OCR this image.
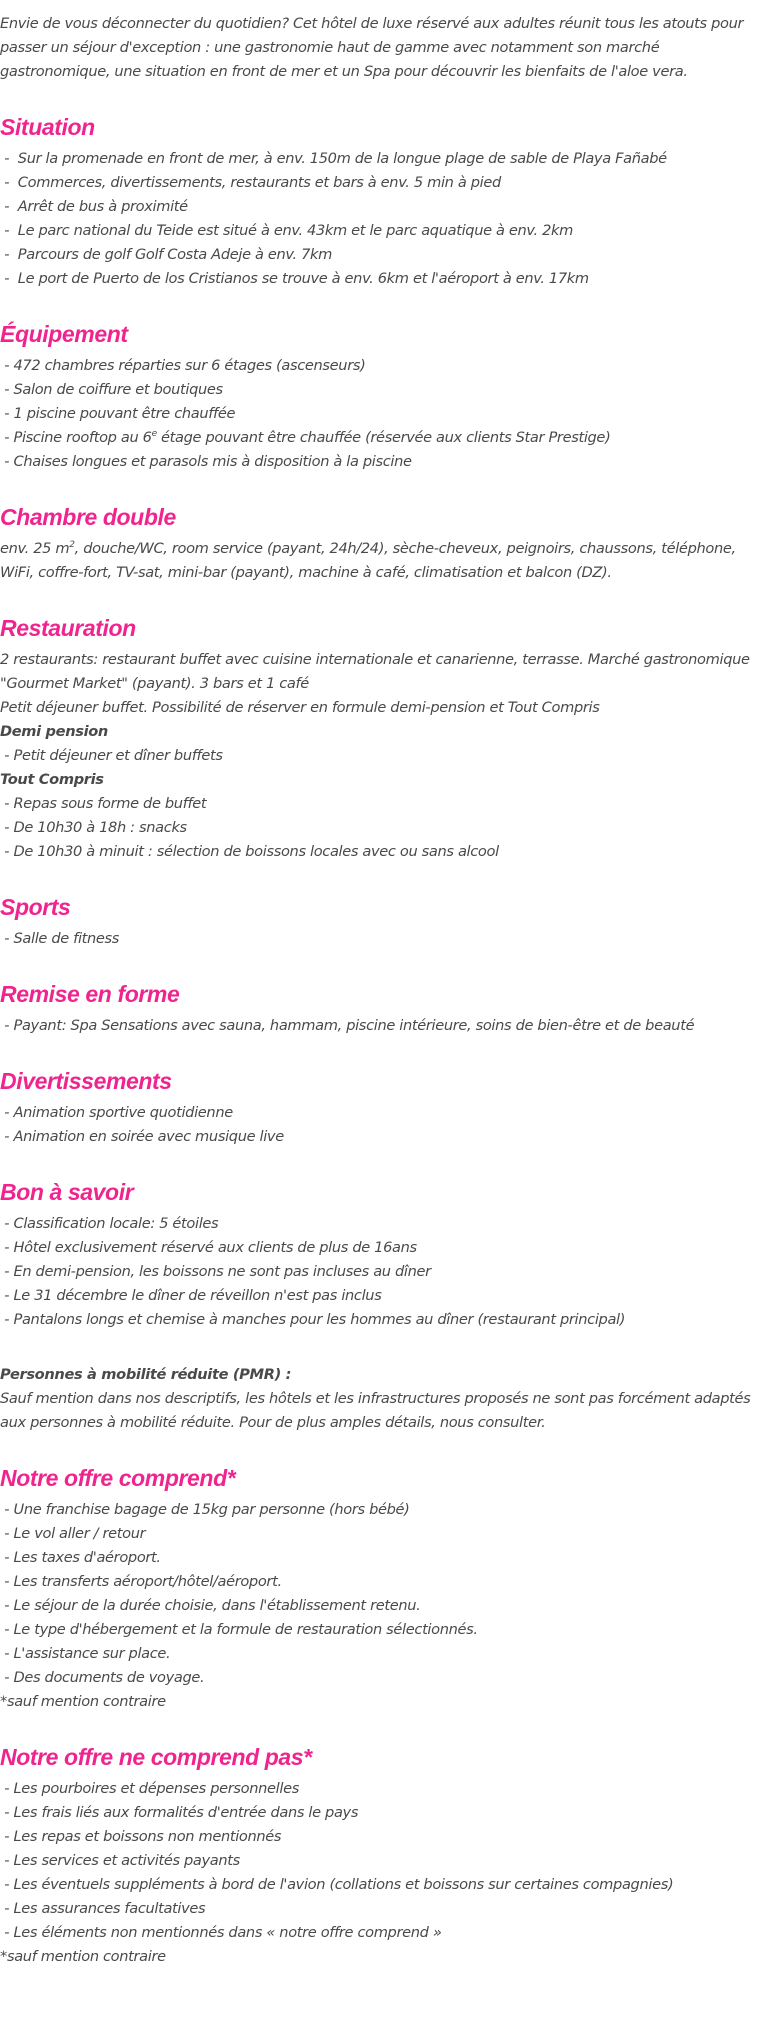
Envie de vous déconnecter du quotidien? Cet hôtel de luxe réservé aux adultes réunit tous les atouts pour passer un séjour d'exception : une gastronomie haut de gamme avec notamment son marché gastronomique, une situation en front de mer et un Spa pour découvrir les bienfaits de l'aloe vera.

Situation

-  Sur la promenade en front de mer, à env. 150m de la longue plage de sable de Playa Fañabé
-  Commerces, divertissements, restaurants et bars à env. 5 min à pied
-  Arrêt de bus à proximité
-  Le parc national du Teide est situé à env. 43km et le parc aquatique à env. 2km
-  Parcours de golf Golf Costa Adeje à env. 7km
-  Le port de Puerto de los Cristianos se trouve à env. 6km et l'aéroport à env. 17km

Équipement

- 472 chambres réparties sur 6 étages (ascenseurs)
- Salon de coiffure et boutiques
- 1 piscine pouvant être chauffée
- Piscine rooftop au 6e étage pouvant être chauffée (réservée aux clients Star Prestige)
- Chaises longues et parasols mis à disposition à la piscine

Chambre double

env. 25 $m^2$, douche/WC, room service (payant, 24h/24), sèche-cheveux, peignoirs, chaussons, téléphone, WiFi, coffre-fort, TV-sat, mini-bar (payant), machine à café, climatisation et balcon (DZ).

Restauration

2 restaurants: restaurant buffet avec cuisine internationale et canarienne, terrasse. Marché gastronomique "Gourmet Market" (payant). 3 bars et 1 café
Petit déjeuner buffet. Possibilité de réserver en formule demi-pension et Tout Compris
Demi pension
- Petit déjeuner et dîner buffets
Tout Compris
- Repas sous forme de buffet
- De 10h30 à 18h : snacks
- De 10h30 à minuit : sélection de boissons locales avec ou sans alcool

Sports

- Salle de fitness

Remise en forme

- Payant: Spa Sensations avec sauna, hammam, piscine intérieure, soins de bien-être et de beauté

Divertissements

- Animation sportive quotidienne
- Animation en soirée avec musique live

Bon à savoir

- Classification locale: 5 étoiles
- Hôtel exclusivement réservé aux clients de plus de 16ans
- En demi-pension, les boissons ne sont pas incluses au dîner
- Le 31 décembre le dîner de réveillon n'est pas inclus
- Pantalons longs et chemise à manches pour les hommes au dîner (restaurant principal)

Personnes à mobilité réduite (PMR) :
Sauf mention dans nos descriptifs, les hôtels et les infrastructures proposés ne sont pas forcément adaptés aux personnes à mobilité réduite. Pour de plus amples détails, nous consulter.

Notre offre comprend*

- Une franchise bagage de 15kg par personne (hors bébé)
- Le vol aller / retour
- Les taxes d'aéroport.
- Les transferts aéroport/hôtel/aéroport.
- Le séjour de la durée choisie, dans l'établissement retenu.
- Le type d'hébergement et la formule de restauration sélectionnés.
- L'assistance sur place.
- Des documents de voyage.
*sauf mention contraire

Notre offre ne comprend pas*

- Les pourboires et dépenses personnelles
- Les frais liés aux formalités d'entrée dans le pays
- Les repas et boissons non mentionnés
- Les services et activités payants
- Les éventuels suppléments à bord de l'avion (collations et boissons sur certaines compagnies)
- Les assurances facultatives
- Les éléments non mentionnés dans « notre offre comprend »
*sauf mention contraire
